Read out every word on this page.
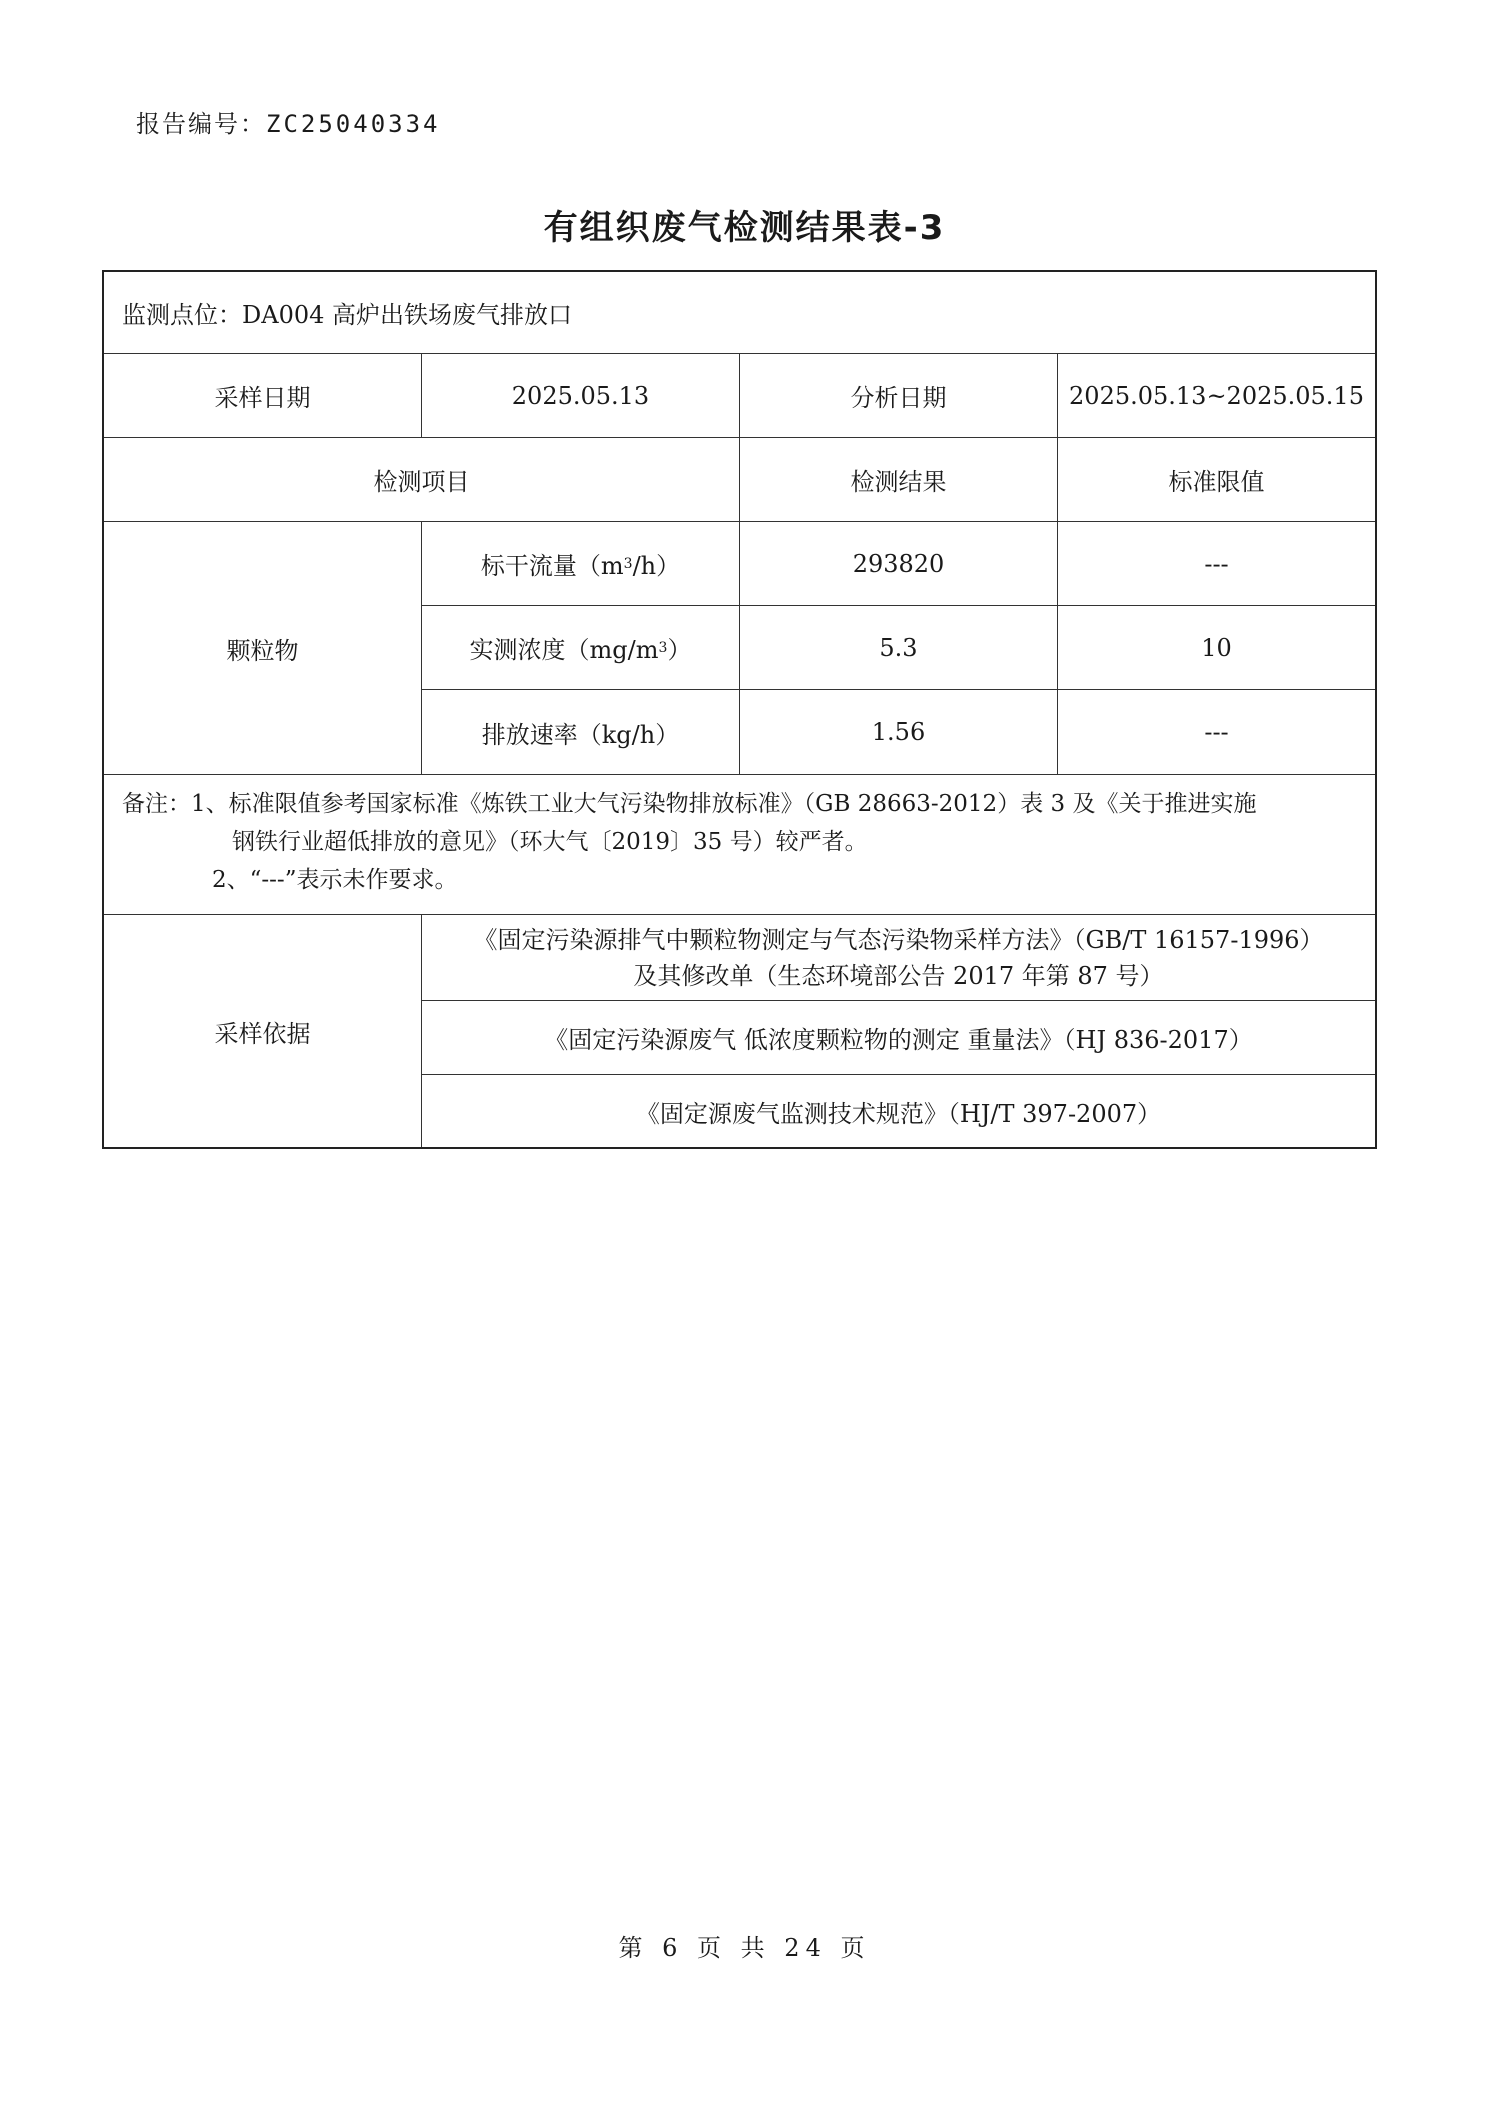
报告编号：ZC25040334
有组织废气检测结果表-3
监测点位： DA004 高炉出铁场废气排放口
采样日期	2025.05.13	分析日期	2025.05.13~2025.05.15
检测项目	检测结果	标准限值
颗粒物
标干流量（m 3 /h）	293820	---
实测浓度（mg/m 3 ）	5.3	10
排放速率（kg/h）	1.56	---
备注：1、标准限值参考国家标准《炼铁工业大气污染物排放标准》（GB 28663-2012）表 3 及《关于推进实施
钢铁行业超低排放的意见》（环大气〔2019〕35 号）较严者。
2、“---”表示未作要求。
采样依据
《固定污染源排气中颗粒物测定与气态污染物采样方法》（GB/T 16157-1996）
及其修改单（生态环境部公告 2017 年第 87 号）
《固定污染源废气 低浓度颗粒物的测定 重量法》（HJ 836-2017）
《固定源废气监测技术规范》（HJ/T 397-2007）
第 6 页 共 24 页
